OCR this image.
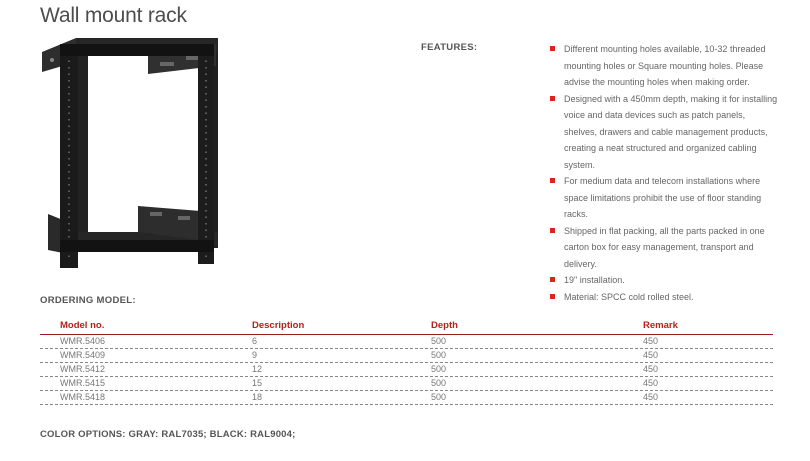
Wall mount rack
FEATURES:	Different mounting holes available, 10-32 threaded mounting holes or Square mounting holes. Please advise the mounting holes when making order.
Designed with a 450mm depth, making it for installing voice and data devices such as patch panels, shelves, drawers and cable management products, creating a neat structured and organized cabling system.
For medium data and telecom installations where space limitations prohibit the use of floor standing racks.
Shipped in flat packing, all the parts packed in one carton box for easy management, transport and delivery.
19" installation.
Material: SPCC cold rolled steel.
ORDERING MODEL:
Model no.	Description	Depth	Remark
WMR.5406	6	500	450
WMR.5409	9	500	450
WMR.5412	12	500	450
WMR.5415	15	500	450
WMR.5418	18	500	450
COLOR OPTIONS: GRAY: RAL7035; BLACK: RAL9004;
